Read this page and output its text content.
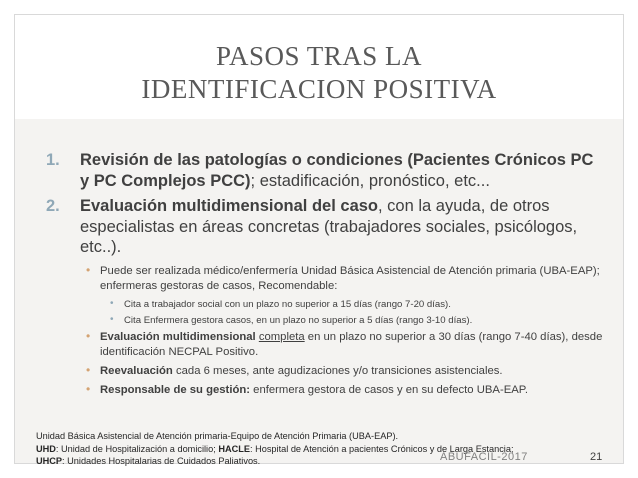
PASOS TRAS LA
IDENTIFICACION POSITIVA
1. Revisión de las patologías o condiciones (Pacientes Crónicos PC y PC Complejos PCC); estadificación, pronóstico, etc...
2. Evaluación multidimensional del caso, con la ayuda, de otros especialistas en áreas concretas (trabajadores sociales, psicólogos, etc..).
• Puede ser realizada médico/enfermería Unidad Básica Asistencial de Atención primaria (UBA-EAP); enfermeras gestoras de casos, Recomendable:
• Cita a trabajador social con un plazo no superior a 15 días (rango 7-20 días).
• Cita Enfermera gestora casos, en un plazo no superior a 5 días (rango 3-10 días).
• Evaluación multidimensional completa en un plazo no superior a 30 días (rango 7-40 días), desde identificación NECPAL Positivo.
• Reevaluación cada 6 meses, ante agudizaciones y/o transiciones asistenciales.
• Responsable de su gestión: enfermera gestora de casos y en su defecto UBA-EAP.
Unidad Básica Asistencial de Atención primaria-Equipo de Atención Primaria (UBA-EAP).
UHD: Unidad de Hospitalización a domicilio; HACLE: Hospital de Atención a pacientes Crónicos y de Larga Estancia;
UHCP: Unidades Hospitalarias de Cuidados Paliativos.	ABUFACIL-2017	21
